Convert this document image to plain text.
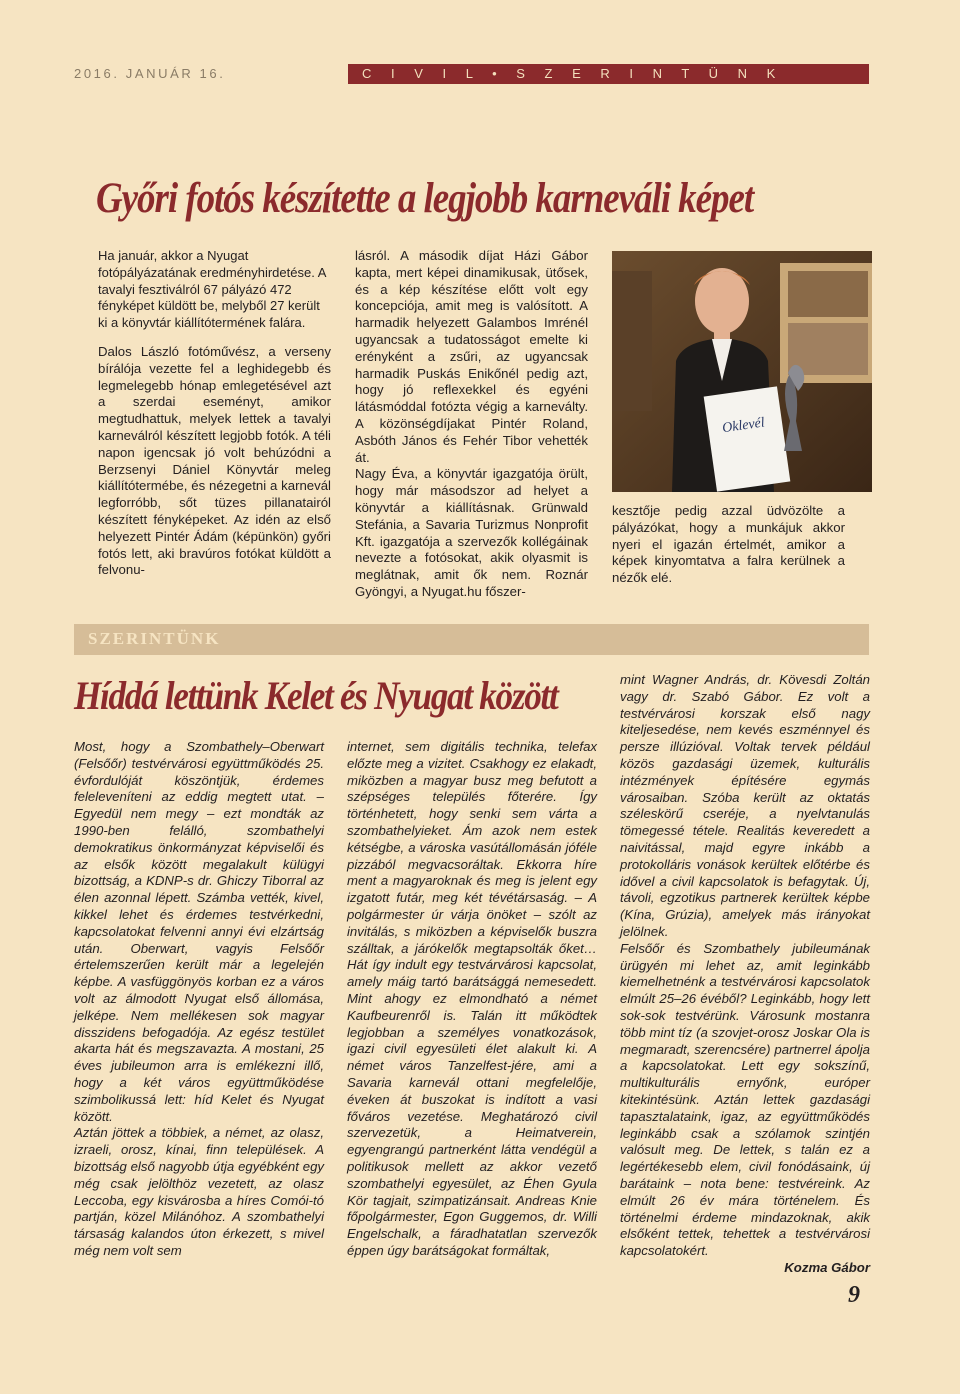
2016. JANUÁR 16.	C I V I L • S Z E R I N T Ü N K
Győri fotós készítette a legjobb karneváli képet

Ha január, akkor a Nyugat fotópályázatának eredményhirdetése. A tavalyi fesztiválról 67 pályázó 472 fényképet küldött be, melyből 27 került ki a könyvtár kiállítótermének falára.

Dalos László fotóművész, a verseny bírálója vezette fel a leghidegebb és legmelegebb hónap emlegetésével azt a szerdai eseményt, amikor megtudhattuk, melyek lettek a tavalyi karneválról készített legjobb fotók. A téli napon igencsak jó volt behúzódni a Berzsenyi Dániel Könyvtár meleg kiállítótermébe, és nézegetni a karnevál legforróbb, sőt tüzes pillanatairól készített fényképeket. Az idén az első helyezett Pintér Ádám (képünkön) győri fotós lett, aki bravúros fotókat küldött a felvonu-

lásról. A második díjat Házi Gábor kapta, mert képei dinamikusak, ütősek, és a kép készítése előtt volt egy koncepciója, amit meg is valósított. A harmadik helyezett Galambos Imrénél ugyancsak a tudatosságot emelte ki erényként a zsűri, az ugyancsak harmadik Puskás Enikőnél pedig azt, hogy jó reflexekkel és egyéni látásmóddal fotózta végig a karneválty. A közönségdíjakat Pintér Roland, Asbóth János és Fehér Tibor vehették át.

Nagy Éva, a könyvtár igazgatója örült, hogy már másodszor ad helyet a könyvtár a kiállításnak. Grünwald Stefánia, a Savaria Turizmus Nonprofit Kft. igazgatója a szervezők kollégáinak nevezte a fotósokat, akik olyasmit is meglátnak, amit ők nem. Roznár Gyöngyi, a Nyugat.hu főszer-

Oklevél

kesztője pedig azzal üdvözölte a pályázókat, hogy a munkájuk akkor nyeri el igazán értelmét, amikor a képek kinyomtatva a falra kerülnek a nézők elé.

SZERINTÜNK
Híddá lettünk Kelet és Nyugat között

Most, hogy a Szombathely–Oberwart (Felsőőr) testvérvárosi együttműködés 25. évfordulóját köszöntjük, érdemes feleleveníteni az eddig megtett utat. – Egyedül nem megy – ezt mondták az 1990-ben felálló, szombathelyi demokratikus önkormányzat képviselői és az elsők között megalakult külügyi bizottság, a KDNP-s dr. Ghiczy Tiborral az élen azonnal lépett. Számba vették, kivel, kikkel lehet és érdemes testvérkedni, kapcsolatokat felvenni annyi évi elzártság után. Oberwart, vagyis Felsőőr értelemszerűen került már a legelején képbe. A vasfüggönyös korban ez a város volt az álmodott Nyugat első állomása, jelképe. Nem mellékesen sok magyar disszidens befogadója. Az egész testület akarta hát és megszavazta. A mostani, 25 éves jubileumon arra is emlékezni illő, hogy a két város együttműködése szimbolikussá lett: híd Kelet és Nyugat között.

Aztán jöttek a többiek, a német, az olasz, izraeli, orosz, kínai, finn települések. A bizottság első nagyobb útja egyébként egy még csak jelölthöz vezetett, az olasz Leccoba, egy kisvárosba a híres Comói-tó partján, közel Milánóhoz. A szombathelyi társaság kalandos úton érkezett, s mivel még nem volt sem

internet, sem digitális technika, telefax előzte meg a vizitet. Csakhogy ez elakadt, miközben a magyar busz meg befutott a szépséges település főterére. Így történhetett, hogy senki sem várta a szombathelyieket. Ám azok nem estek kétségbe, a városka vasútállomásán jóféle pizzából megvacsoráltak. Ekkorra híre ment a magyaroknak és meg is jelent egy izgatott futár, meg két tévétársaság. – A polgármester úr várja önöket – szólt az invitálás, s miközben a képviselők buszra szálltak, a járókelők megtapsolták őket… Hát így indult egy testvárvárosi kapcsolat, amely máig tartó barátsággá nemesedett. Mint ahogy ez elmondható a német Kaufbeurenről is. Talán itt működtek legjobban a személyes vonatkozások, igazi civil egyesületi élet alakult ki. A német város Tanzelfest-jére, ami a Savaria karnevál ottani megfelelője, éveken át buszokat is indított a vasi főváros vezetése. Meghatározó civil szervezetük, a Heimatverein, egyengrangú partnerként látta vendégül a politikusok mellett az akkor vezető szombathelyi egyesület, az Éhen Gyula Kör tagjait, szimpatizánsait. Andreas Knie főpolgármester, Egon Guggemos, dr. Willi Engelschalk, a fáradhatatlan szervezők éppen úgy barátságokat formáltak,

mint Wagner András, dr. Kövesdi Zoltán vagy dr. Szabó Gábor. Ez volt a testvérvárosi korszak első nagy kiteljesedése, nem kevés eszménnyel és persze illúzióval. Voltak tervek például közös gazdasági üzemek, kulturális intézmények építésére egymás városaiban. Szóba került az oktatás széleskörű cseréje, a nyelvtanulás tömegessé tétele. Realitás keveredett a naivitással, majd egyre inkább a protokolláris vonások kerültek előtérbe és idővel a civil kapcsolatok is befagytak. Új, távoli, egzotikus partnerek kerültek képbe (Kína, Grúzia), amelyek más irányokat jelölnek.

Felsőőr és Szombathely jubileumának ürügyén mi lehet az, amit leginkább kiemelhetnénk a testvérvárosi kapcsolatok elmúlt 25–26 évéből? Leginkább, hogy lett sok-sok testvérünk. Városunk mostanra több mint tíz (a szovjet-orosz Joskar Ola is megmaradt, szerencsére) partnerrel ápolja a kapcsolatokat. Lett egy sokszínű, multikulturális ernyőnk, európer kitekintésünk. Aztán lettek gazdasági tapasztalataink, igaz, az együttműködés leginkább csak a szólamok szintjén valósult meg. De lettek, s talán ez a legértékesebb elem, civil fonódásaink, új barátaink – nota bene: testvéreink. Az elmúlt 26 év mára történelem. És történelmi érdeme mindazoknak, akik elsőként tettek, tehettek a testvérvárosi kapcsolatokért.

Kozma Gábor

9
